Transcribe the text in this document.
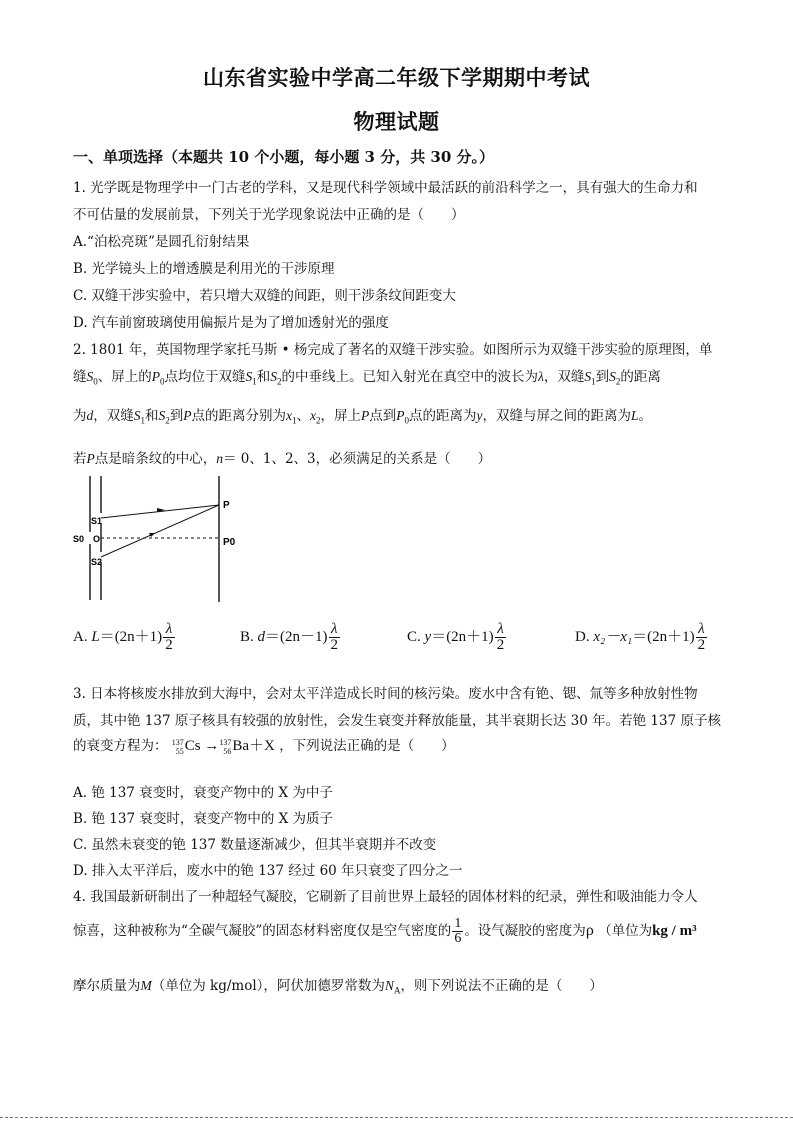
山东省实验中学高二年级下学期期中考试
物理试题
一、单项选择（本题共 10 个小题，每小题 3 分，共 30 分。）
1. 光学既是物理学中一门古老的学科，又是现代科学领域中最活跃的前沿科学之一，具有强大的生命力和
不可估量的发展前景，下列关于光学现象说法中正确的是（　　）
A.“泊松亮斑”是圆孔衍射结果
B. 光学镜头上的增透膜是利用光的干涉原理
C. 双缝干涉实验中，若只增大双缝的间距，则干涉条纹间距变大
D. 汽车前窗玻璃使用偏振片是为了增加透射光的强度
2. 1801 年，英国物理学家托马斯 • 杨完成了著名的双缝干涉实验。如图所示为双缝干涉实验的原理图，单
缝$S_0$、屏上的$P_0$点均位于双缝$S_1$和$S_2$的中垂线上。已知入射光在真空中的波长为λ，双缝$S_1$到$S_2$的距离
为d，双缝$S_1$和$S_2$到P点的距离分别为$x_1$、$x_2$，屏上P点到$P_0$点的距离为y，双缝与屏之间的距离为L。
若P点是暗条纹的中心，n＝ 0、1、2、3，必须满足的关系是（　　）
P
P0
S1
S2
S0 O
A. $L=(2n+1) \frac{\lambda}{2}$	B. $d=(2n-1) \frac{\lambda}{2}$	C. $y=(2n+1) \frac{\lambda}{2}$	D. $x_2-x_1=(2n+1) \frac{\lambda}{2}$
3. 日本将核废水排放到大海中，会对太平洋造成长时间的核污染。废水中含有铯、锶、氚等多种放射性物
质，其中铯 137 原子核具有较强的放射性，会发生衰变并释放能量，其半衰期长达 30 年。若铯 137 原子核
的衰变方程为： 137
55Cs →137
56Ba＋X ，下列说法正确的是（　　）
A. 铯 137 衰变时，衰变产物中的 X 为中子
B. 铯 137 衰变时，衰变产物中的 X 为质子
C. 虽然未衰变的铯 137 数量逐渐减少，但其半衰期并不改变
D. 排入太平洋后，废水中的铯 137 经过 60 年只衰变了四分之一
4. 我国最新研制出了一种超轻气凝胶，它刷新了目前世界上最轻的固体材料的纪录，弹性和吸油能力令人
惊喜，这种被称为“全碳气凝胶”的固态材料密度仅是空气密度的 $\frac{1}{6}$ 。设气凝胶的密度为ρ （单位为kg / m³
摩尔质量为M（单位为 kg/mol），阿伏加德罗常数为$N_A$，则下列说法不正确的是（　　）
